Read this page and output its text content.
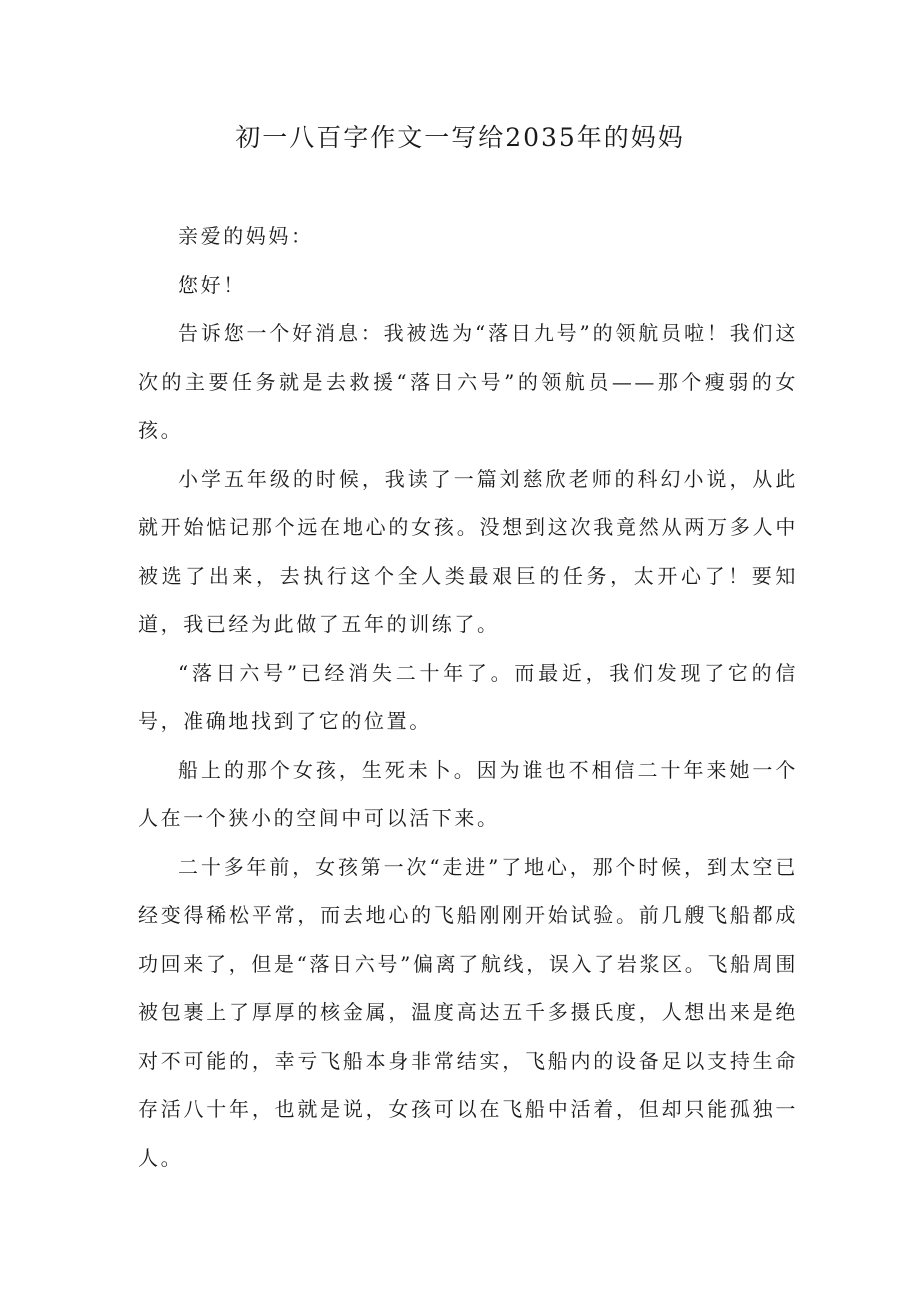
初一八百字作文一写给2035年的妈妈

亲爱的妈妈：

您好！

告诉您一个好消息：我被选为“落日九号”的领航员啦！我们这次的主要任务就是去救援“落日六号”的领航员——那个瘦弱的女孩。

小学五年级的时候，我读了一篇刘慈欣老师的科幻小说，从此就开始惦记那个远在地心的女孩。没想到这次我竟然从两万多人中被选了出来，去执行这个全人类最艰巨的任务，太开心了！要知道，我已经为此做了五年的训练了。

“落日六号”已经消失二十年了。而最近，我们发现了它的信号，准确地找到了它的位置。

船上的那个女孩，生死未卜。因为谁也不相信二十年来她一个人在一个狭小的空间中可以活下来。

二十多年前，女孩第一次“走进”了地心，那个时候，到太空已经变得稀松平常，而去地心的飞船刚刚开始试验。前几艘飞船都成功回来了，但是“落日六号”偏离了航线，误入了岩浆区。飞船周围被包裹上了厚厚的核金属，温度高达五千多摄氏度，人想出来是绝对不可能的，幸亏飞船本身非常结实，飞船内的设备足以支持生命存活八十年，也就是说，女孩可以在飞船中活着，但却只能孤独一人。
